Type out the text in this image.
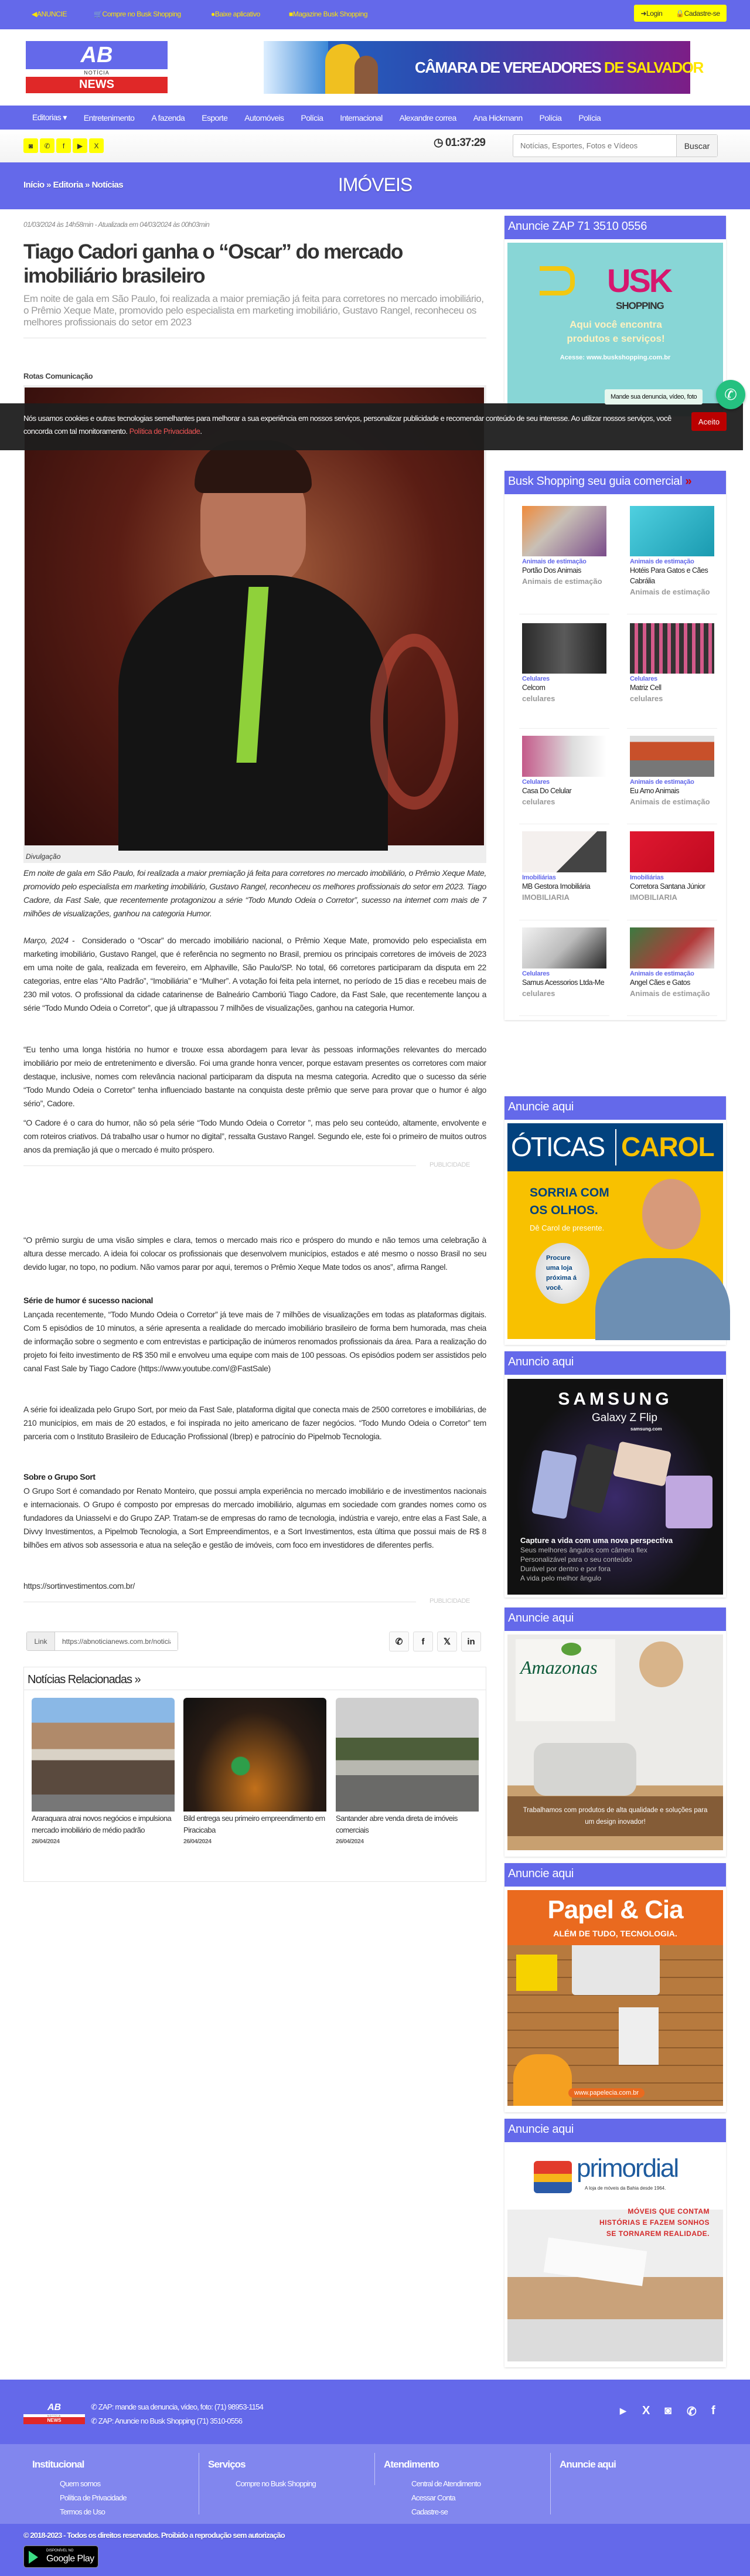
◀ANUNCIE	🛒Compre no Busk Shopping	●Baixe aplicativo	■Magazine Busk Shopping	➜Login 🔒Cadastre-se
AB
NOTÍCIA
NEWS
CÂMARA DE VEREADORES DE SALVADOR
Editorias ▾ Entretenimento A fazenda Esporte Automóveis Polícia Internacional Alexandre correa Ana Hickmann Polícia Polícia
◙	✆	f	▶	X	◷ 01:37:29
Notícias, Esportes, Fotos e Vídeos	Buscar
Início » Editoria » Notícias	IMÓVEIS
01/03/2024 às 14h58min - Atualizada em 04/03/2024 às 00h03min
Tiago Cadori ganha o “Oscar” do mercado imobiliário brasileiro
Em noite de gala em São Paulo, foi realizada a maior premiação já feita para corretores no mercado imobiliário, o Prêmio Xeque Mate, promovido pelo especialista em marketing imobiliário, Gustavo Rangel, reconheceu os melhores profissionais do setor em 2023
Rotas Comunicação
Divulgação
Em noite de gala em São Paulo, foi realizada a maior premiação já feita para corretores no mercado imobiliário, o Prêmio Xeque Mate, promovido pelo especialista em marketing imobiliário, Gustavo Rangel, reconheceu os melhores profissionais do setor em 2023. Tiago Cadore, da Fast Sale, que recentemente protagonizou a série “Todo Mundo Odeia o Corretor”, sucesso na internet com mais de 7 milhões de visualizações, ganhou na categoria Humor.
Março, 2024 - Considerado o “Oscar” do mercado imobiliário nacional, o Prêmio Xeque Mate, promovido pelo especialista em marketing imobiliário, Gustavo Rangel, que é referência no segmento no Brasil, premiou os principais corretores de imóveis de 2023 em uma noite de gala, realizada em fevereiro, em Alphaville, São Paulo/SP. No total, 66 corretores participaram da disputa em 22 categorias, entre elas “Alto Padrão”, “Imobiliária” e “Mulher”. A votação foi feita pela internet, no período de 15 dias e recebeu mais de 230 mil votos. O profissional da cidade catarinense de Balneário Camboriú Tiago Cadore, da Fast Sale, que recentemente lançou a série “Todo Mundo Odeia o Corretor”, que já ultrapassou 7 milhões de visualizações, ganhou na categoria Humor.
“Eu tenho uma longa história no humor e trouxe essa abordagem para levar às pessoas informações relevantes do mercado imobiliário por meio de entretenimento e diversão. Foi uma grande honra vencer, porque estavam presentes os corretores com maior destaque, inclusive, nomes com relevância nacional participaram da disputa na mesma categoria. Acredito que o sucesso da série “Todo Mundo Odeia o Corretor” tenha influenciado bastante na conquista deste prêmio que serve para provar que o humor é algo sério”, Cadore.
“O Cadore é o cara do humor, não só pela série “Todo Mundo Odeia o Corretor ”, mas pelo seu conteúdo, altamente, envolvente e com roteiros criativos. Dá trabalho usar o humor no digital”, ressalta Gustavo Rangel. Segundo ele, este foi o primeiro de muitos outros anos da premiação já que o mercado é muito próspero.
PUBLICIDADE
“O prêmio surgiu de uma visão simples e clara, temos o mercado mais rico e próspero do mundo e não temos uma celebração à altura desse mercado. A ideia foi colocar os profissionais que desenvolvem municípios, estados e até mesmo o nosso Brasil no seu devido lugar, no topo, no podium. Não vamos parar por aqui, teremos o Prêmio Xeque Mate todos os anos”, afirma Rangel.
Série de humor é sucesso nacional
Lançada recentemente, “Todo Mundo Odeia o Corretor” já teve mais de 7 milhões de visualizações em todas as plataformas digitais. Com 5 episódios de 10 minutos, a série apresenta a realidade do mercado imobiliário brasileiro de forma bem humorada, mas cheia de informação sobre o segmento e com entrevistas e participação de inúmeros renomados profissionais da área. Para a realização do projeto foi feito investimento de R$ 350 mil e envolveu uma equipe com mais de 100 pessoas. Os episódios podem ser assistidos pelo canal Fast Sale by Tiago Cadore (https://www.youtube.com/@FastSale)
A série foi idealizada pelo Grupo Sort, por meio da Fast Sale, plataforma digital que conecta mais de 2500 corretores e imobiliárias, de 210 municípios, em mais de 20 estados, e foi inspirada no jeito americano de fazer negócios. “Todo Mundo Odeia o Corretor” tem parceria com o Instituto Brasileiro de Educação Profissional (Ibrep) e patrocínio do Pipelmob Tecnologia.
Sobre o Grupo Sort
O Grupo Sort é comandado por Renato Monteiro, que possui ampla experiência no mercado imobiliário e de investimentos nacionais e internacionais. O Grupo é composto por empresas do mercado imobiliário, algumas em sociedade com grandes nomes como os fundadores da Uniasselvi e do Grupo ZAP. Tratam-se de empresas do ramo de tecnologia, indústria e varejo, entre elas a Fast Sale, a Divvy Investimentos, a Pipelmob Tecnologia, a Sort Empreendimentos, e a Sort Investimentos, esta última que possui mais de R$ 8 bilhões em ativos sob assessoria e atua na seleção e gestão de imóveis, com foco em investidores de diferentes perfis.
https://sortinvestimentos.com.br/
PUBLICIDADE
Link
https://abnoticianews.com.br/noticia	✆ f 𝕏 in
Notícias Relacionadas »
Araraquara atrai novos negócios e impulsiona mercado imobiliário de médio padrão
26/04/2024
Bild entrega seu primeiro empreendimento em Piracicaba
26/04/2024
Santander abre venda direta de imóveis comerciais
26/04/2024
Anuncie ZAP 71 3510 0556
USK
SHOPPING
Aqui você encontra produtos e serviços!
Acesse: www.buskshopping.com.br
Busk Shopping seu guia comercial »
Animais de estimação
Portão Dos Animais
Animais de estimação
Animais de estimação
Hotéis Para Gatos e Cães Cabrália
Animais de estimação
Celulares
Celcom
celulares
Celulares
Matriz Cell
celulares
Celulares
Casa Do Celular
celulares
Animais de estimação
Eu Amo Animais
Animais de estimação
Imobiliárias
MB Gestora Imobiliária
IMOBILIARIA
Imobiliárias
Corretora Santana Júnior
IMOBILIARIA
Celulares
Samus Acessorios Ltda-Me
celulares
Animais de estimação
Angel Cães e Gatos
Animais de estimação
Anuncie aqui
ÓTICAS CAROL
SORRIA COM
OS OLHOS.
Dê Carol de presente.
Procure uma loja próxima á você.
Anuncio aqui
SAMSUNG
Galaxy Z Flip
samsung.com
Capture a vida com uma nova perspectiva
Seus melhores ângulos com câmera flex
Personalizável para o seu conteúdo
Durável por dentro e por fora
A vida pelo melhor ângulo
Anuncie aqui
Amazonas
Trabalhamos com produtos de alta qualidade e soluções para um design inovador!
Anuncie aqui
Papel & Cia
ALÉM DE TUDO, TECNOLOGIA.
www.papelecia.com.br
Anuncie aqui
primordial
A loja de móveis da Bahia desde 1964.
MÓVEIS QUE CONTAM HISTÓRIAS E FAZEM SONHOS SE TORNAREM REALIDADE.
Nós usamos cookies e outras tecnologias semelhantes para melhorar a sua experiência em nossos serviços, personalizar publicidade e recomendar conteúdo de seu interesse. Ao utilizar nossos serviços, você concorda com tal monitoramento. Política de Privacidade.
Aceito
Mande sua denuncia, vídeo, foto	✆
AB
NOTÍCIA
NEWS
✆ ZAP: mande sua denuncia, vídeo, foto: (71) 98953-1154
✆ ZAP: Anuncie no Busk Shopping (71) 3510-0556
▶ X ◙ ✆ f
Institucional
Quem somos
Política de Privacidade
Termos de Uso
Serviços
Compre no Busk Shopping
Atendimento
Central de Atendimento
Acessar Conta
Cadastre-se
Anuncie aqui
© 2018-2023 - Todos os direitos reservados. Proibido a reprodução sem autorização
DISPONÍVEL NO
Google Play
